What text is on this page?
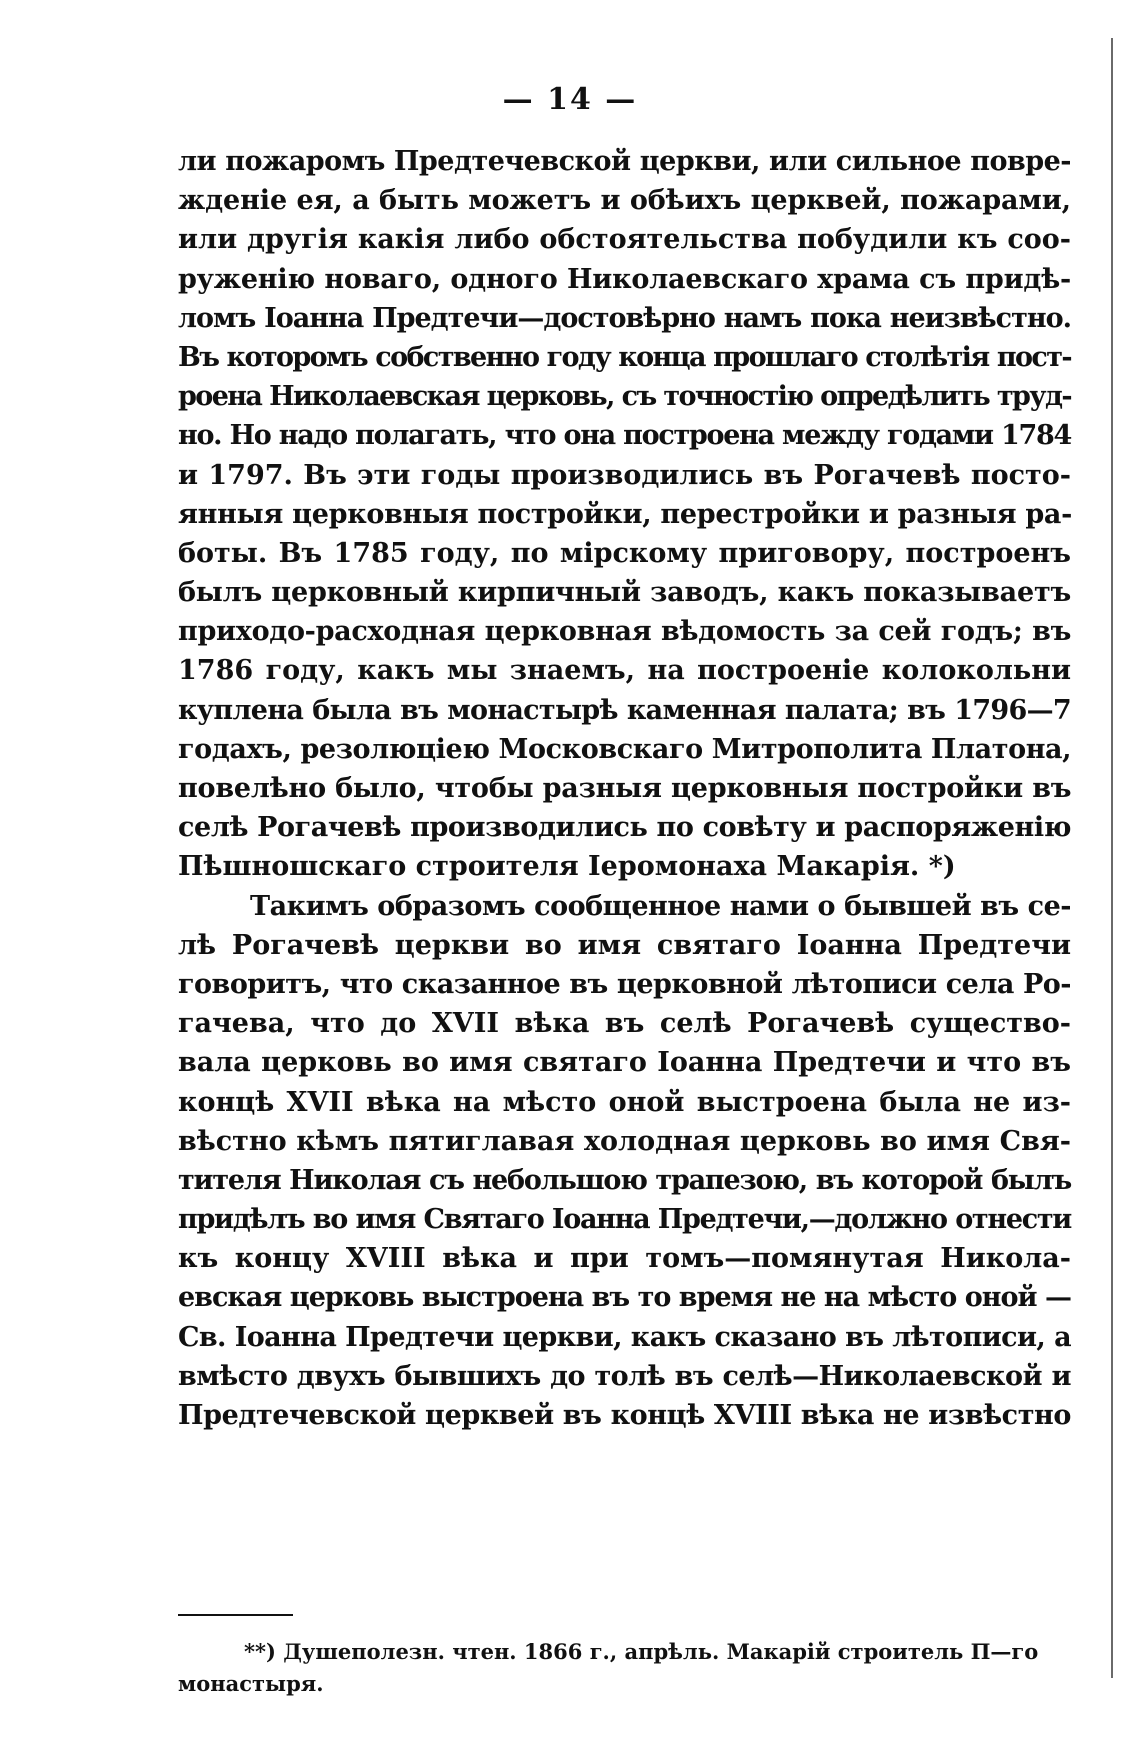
— 14 —
ли пожаромъ Предтечевской церкви, или сильное повре-
жденіе ея, а быть можетъ и обѣихъ церквей, пожарами,
или другія какія либо обстоятельства побудили къ соо-
руженію новаго, одного Николаевскаго храма съ придѣ-
ломъ Іоанна Предтечи—достовѣрно намъ пока неизвѣстно.
Въ которомъ собственно году конца прошлаго столѣтія пост-
роена Николаевская церковь, съ точностію опредѣлить труд-
но. Но надо полагать, что она построена между годами 1784
и 1797. Въ эти годы производились въ Рогачевѣ посто-
янныя церковныя постройки, перестройки и разныя ра-
боты. Въ 1785 году, по мірскому приговору, построенъ
былъ церковный кирпичный заводъ, какъ показываетъ
приходо-расходная церковная вѣдомость за сей годъ; въ
1786 году, какъ мы знаемъ, на построеніе колокольни
куплена была въ монастырѣ каменная палата; въ 1796—7
годахъ, резолюціею Московскаго Митрополита Платона,
повелѣно было, чтобы разныя церковныя постройки въ
селѣ Рогачевѣ производились по совѣту и распоряженію
Пѣшношскаго строителя Іеромонаха Макарія. *)
Такимъ образомъ сообщенное нами о бывшей въ се-
лѣ Рогачевѣ церкви во имя святаго Іоанна Предтечи
говоритъ, что сказанное въ церковной лѣтописи села Ро-
гачева, что до XVII вѣка въ селѣ Рогачевѣ существо-
вала церковь во имя святаго Іоанна Предтечи и что въ
концѣ XVII вѣка на мѣсто оной выстроена была не из-
вѣстно кѣмъ пятиглавая холодная церковь во имя Свя-
тителя Николая съ небольшою трапезою, въ которой былъ
придѣлъ во имя Святаго Іоанна Предтечи,—должно отнести
къ концу XVIII вѣка и при томъ—помянутая Никола-
евская церковь выстроена въ то время не на мѣсто оной —
Св. Іоанна Предтечи церкви, какъ сказано въ лѣтописи, а
вмѣсто двухъ бывшихъ до толѣ въ селѣ—Николаевской и
Предтечевской церквей въ концѣ XVIII вѣка не извѣстно
**) Душеполезн. чтен. 1866 г., апрѣль. Макарій строитель П—го
монастыря.
